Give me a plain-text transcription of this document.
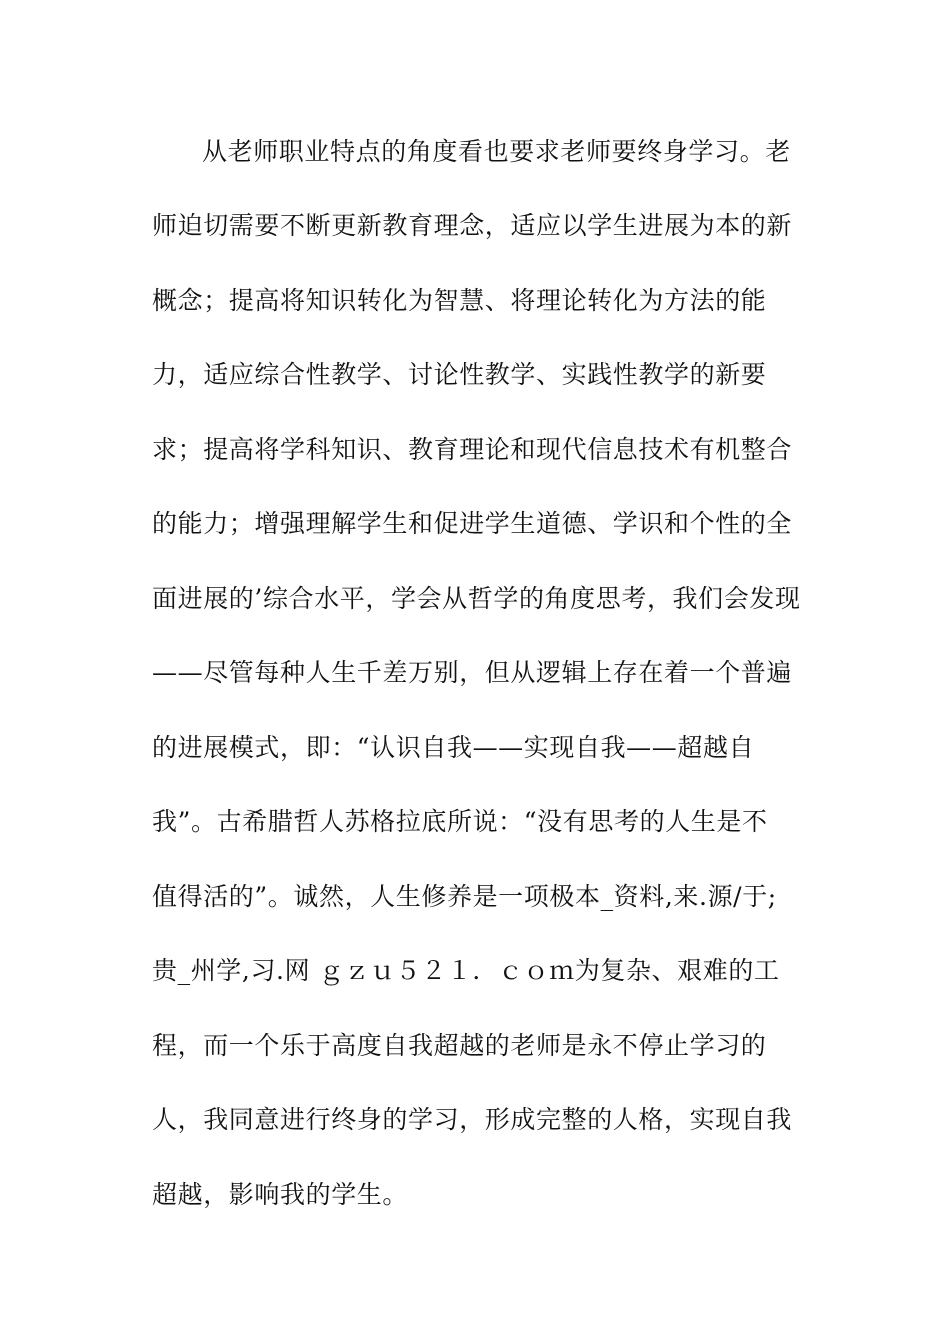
从老师职业特点的角度看也要求老师要终身学习。老
师迫切需要不断更新教育理念，适应以学生进展为本的新
概念；提高将知识转化为智慧、将理论转化为方法的能
力，适应综合性教学、讨论性教学、实践性教学的新要
求；提高将学科知识、教育理论和现代信息技术有机整合
的能力；增强理解学生和促进学生道德、学识和个性的全
面进展的’综合水平，学会从哲学的角度思考，我们会发现
——尽管每种人生千差万别，但从逻辑上存在着一个普遍
的进展模式，即：“认识自我——实现自我——超越自
我”。古希腊哲人苏格拉底所说：“没有思考的人生是不
值得活的”。诚然，人生修养是一项极本_资料,来.源/于;
贵_州学,习.网 ｇｚｕ５２１．ｃｏｍ为复杂、艰难的工
程，而一个乐于高度自我超越的老师是永不停止学习的
人，我同意进行终身的学习，形成完整的人格，实现自我
超越，影响我的学生。
